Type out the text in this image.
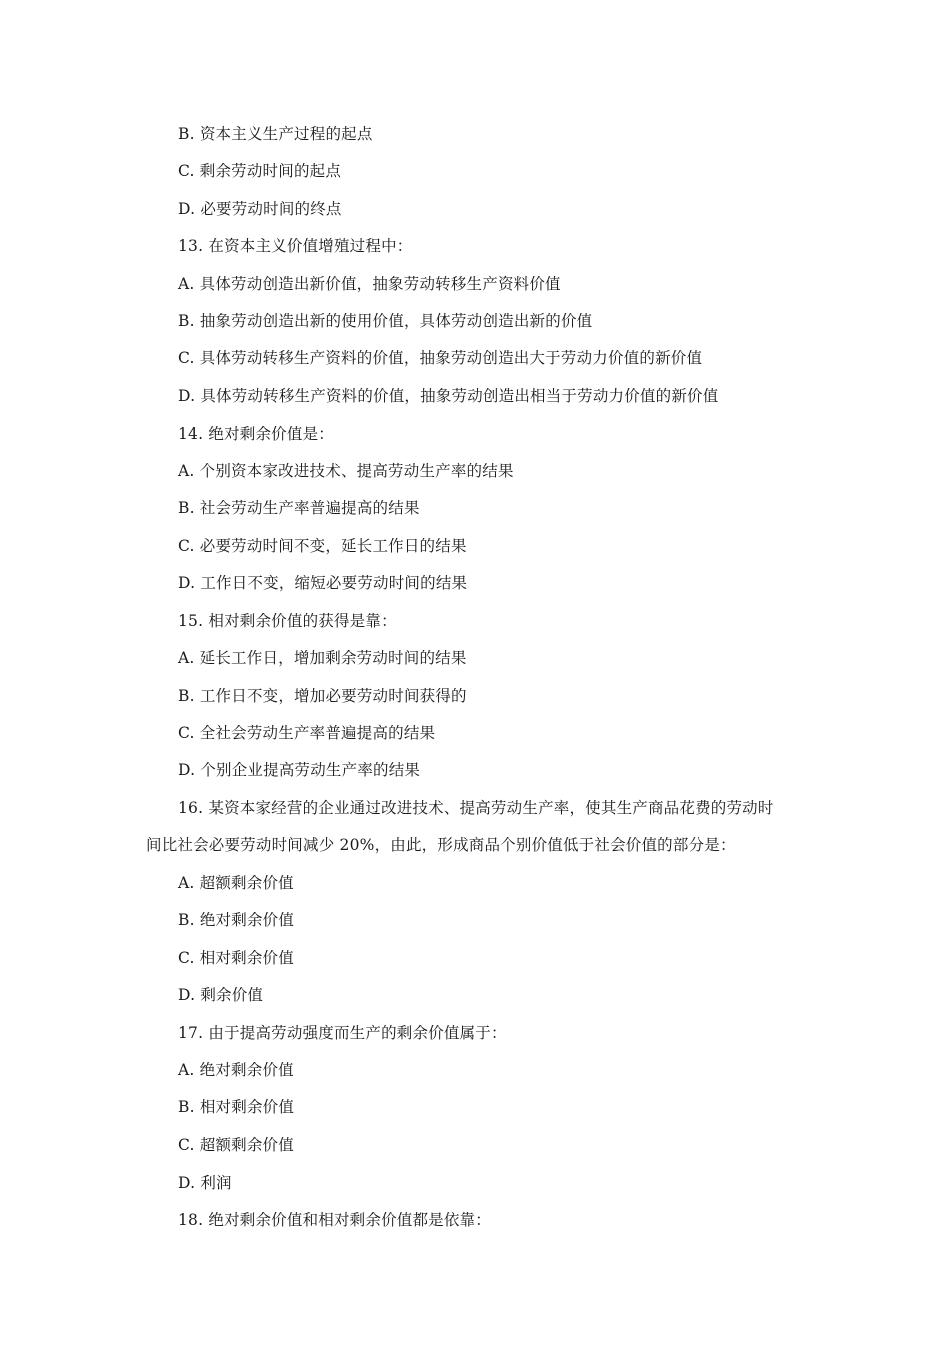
B. 资本主义生产过程的起点
C. 剩余劳动时间的起点
D. 必要劳动时间的终点
13. 在资本主义价值增殖过程中：
A. 具体劳动创造出新价值，抽象劳动转移生产资料价值
B. 抽象劳动创造出新的使用价值，具体劳动创造出新的价值
C. 具体劳动转移生产资料的价值，抽象劳动创造出大于劳动力价值的新价值
D. 具体劳动转移生产资料的价值，抽象劳动创造出相当于劳动力价值的新价值
14. 绝对剩余价值是：
A. 个别资本家改进技术、提高劳动生产率的结果
B. 社会劳动生产率普遍提高的结果
C. 必要劳动时间不变，延长工作日的结果
D. 工作日不变，缩短必要劳动时间的结果
15. 相对剩余价值的获得是靠：
A. 延长工作日，增加剩余劳动时间的结果
B. 工作日不变，增加必要劳动时间获得的
C. 全社会劳动生产率普遍提高的结果
D. 个别企业提高劳动生产率的结果
16. 某资本家经营的企业通过改进技术、提高劳动生产率，使其生产商品花费的劳动时
间比社会必要劳动时间减少 20%，由此，形成商品个别价值低于社会价值的部分是：
A. 超额剩余价值
B. 绝对剩余价值
C. 相对剩余价值
D. 剩余价值
17. 由于提高劳动强度而生产的剩余价值属于：
A. 绝对剩余价值
B. 相对剩余价值
C. 超额剩余价值
D. 利润
18. 绝对剩余价值和相对剩余价值都是依靠：
